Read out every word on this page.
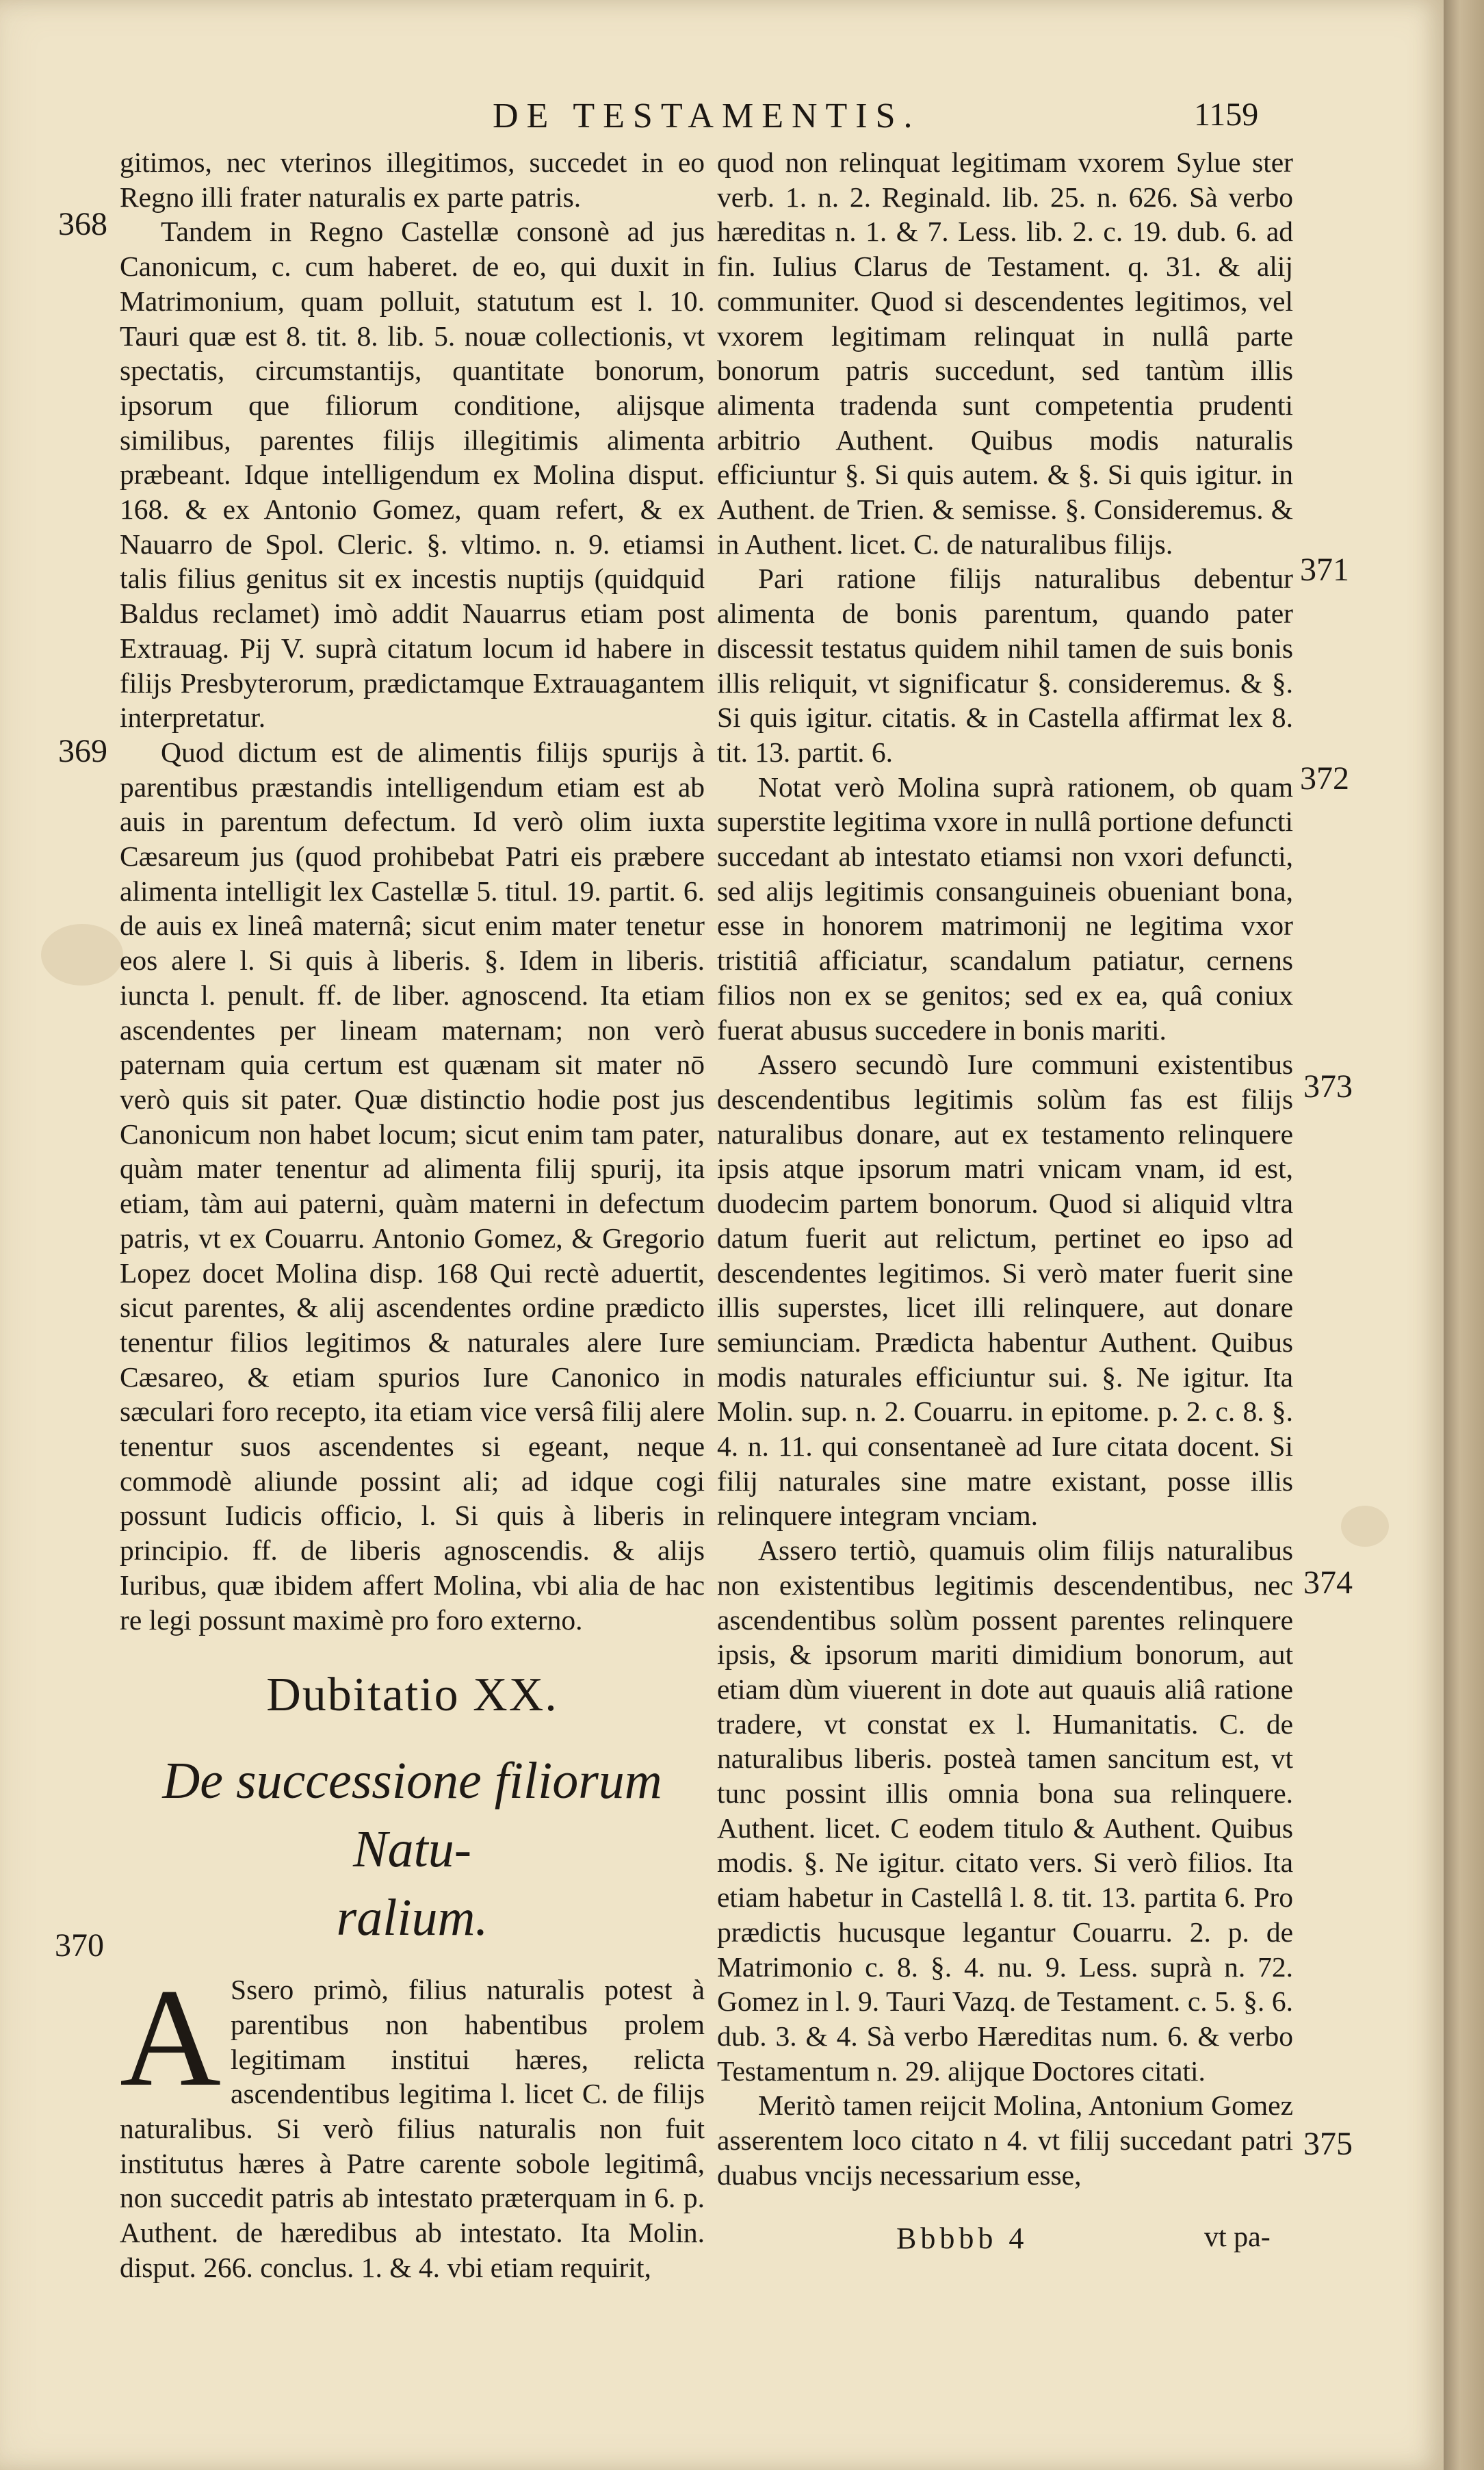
DE TESTAMENTIS.	1159

gitimos, nec vterinos illegitimos, succedet in eo Regno illi frater naturalis ex parte patris.

Tandem in Regno Castellæ consonè ad jus Canonicum, c. cum haberet. de eo, qui duxit in Matrimonium, quam polluit, statutum est l. 10. Tauri quæ est 8. tit. 8. lib. 5. nouæ collectionis, vt spectatis, circumstantijs, quantitate bonorum, ipsorum que filiorum conditione, alijsque similibus, parentes filijs illegitimis alimenta præbeant. Idque intelligendum ex Molina disput. 168. & ex Antonio Gomez, quam refert, & ex Nauarro de Spol. Cleric. §. vltimo. n. 9. etiamsi talis filius genitus sit ex incestis nuptijs (quidquid Baldus reclamet) imò addit Nauarrus etiam post Extrauag. Pij V. suprà citatum locum id habere in filijs Presbyterorum, prædictamque Extrauagantem interpretatur.

Quod dictum est de alimentis filijs spurijs à parentibus præstandis intelligendum etiam est ab auis in parentum defectum. Id verò olim iuxta Cæsareum jus (quod prohibebat Patri eis præbere alimenta intelligit lex Castellæ 5. titul. 19. partit. 6. de auis ex lineâ maternâ; sicut enim mater tenetur eos alere l. Si quis à liberis. §. Idem in liberis. iuncta l. penult. ff. de liber. agnoscend. Ita etiam ascendentes per lineam maternam; non verò paternam quia certum est quænam sit mater nō verò quis sit pater. Quæ distinctio hodie post jus Canonicum non habet locum; sicut enim tam pater, quàm mater tenentur ad alimenta filij spurij, ita etiam, tàm aui paterni, quàm materni in defectum patris, vt ex Couarru. Antonio Gomez, & Gregorio Lopez docet Molina disp. 168 Qui rectè aduertit, sicut parentes, & alij ascendentes ordine prædicto tenentur filios legitimos & naturales alere Iure Cæsareo, & etiam spurios Iure Canonico in sæculari foro recepto, ita etiam vice versâ filij alere tenentur suos ascendentes si egeant, neque commodè aliunde possint ali; ad idque cogi possunt Iudicis officio, l. Si quis à liberis in principio. ff. de liberis agnoscendis. & alijs Iuribus, quæ ibidem affert Molina, vbi alia de hac re legi possunt maximè pro foro externo.

Dubitatio XX.
De successione filiorum Natu-
ralium.

A Ssero primò, filius naturalis potest à parentibus non habentibus prolem legitimam institui hæres, relicta ascendentibus legitima l. licet C. de filijs naturalibus. Si verò filius naturalis non fuit institutus hæres à Patre carente sobole legitimâ, non succedit patris ab intestato præterquam in 6. p. Authent. de hæredibus ab intestato. Ita Molin. disput. 266. conclus. 1. & 4. vbi etiam requirit,

quod non relinquat legitimam vxorem Sylue ster verb. 1. n. 2. Reginald. lib. 25. n. 626. Sà verbo hæreditas n. 1. & 7. Less. lib. 2. c. 19. dub. 6. ad fin. Iulius Clarus de Testament. q. 31. & alij communiter. Quod si descendentes legitimos, vel vxorem legitimam relinquat in nullâ parte bonorum patris succedunt, sed tantùm illis alimenta tradenda sunt competentia prudenti arbitrio Authent. Quibus modis naturalis efficiuntur §. Si quis autem. & §. Si quis igitur. in Authent. de Trien. & semisse. §. Consideremus. & in Authent. licet. C. de naturalibus filijs.

Pari ratione filijs naturalibus debentur alimenta de bonis parentum, quando pater discessit testatus quidem nihil tamen de suis bonis illis reliquit, vt significatur §. consideremus. & §. Si quis igitur. citatis. & in Castella affirmat lex 8. tit. 13. partit. 6.

Notat verò Molina suprà rationem, ob quam superstite legitima vxore in nullâ portione defuncti succedant ab intestato etiamsi non vxori defuncti, sed alijs legitimis consanguineis obueniant bona, esse in honorem matrimonij ne legitima vxor tristitiâ afficiatur, scandalum patiatur, cernens filios non ex se genitos; sed ex ea, quâ coniux fuerat abusus succedere in bonis mariti.

Assero secundò Iure communi existentibus descendentibus legitimis solùm fas est filijs naturalibus donare, aut ex testamento relinquere ipsis atque ipsorum matri vnicam vnam, id est, duodecim partem bonorum. Quod si aliquid vltra datum fuerit aut relictum, pertinet eo ipso ad descendentes legitimos. Si verò mater fuerit sine illis superstes, licet illi relinquere, aut donare semiunciam. Prædicta habentur Authent. Quibus modis naturales efficiuntur sui. §. Ne igitur. Ita Molin. sup. n. 2. Couarru. in epitome. p. 2. c. 8. §. 4. n. 11. qui consentaneè ad Iure citata docent. Si filij naturales sine matre existant, posse illis relinquere integram vnciam.

Assero tertiò, quamuis olim filijs naturalibus non existentibus legitimis descendentibus, nec ascendentibus solùm possent parentes relinquere ipsis, & ipsorum mariti dimidium bonorum, aut etiam dùm viuerent in dote aut quauis aliâ ratione tradere, vt constat ex l. Humanitatis. C. de naturalibus liberis. posteà tamen sancitum est, vt tunc possint illis omnia bona sua relinquere. Authent. licet. C eodem titulo & Authent. Quibus modis. §. Ne igitur. citato vers. Si verò filios. Ita etiam habetur in Castellâ l. 8. tit. 13. partita 6. Pro prædictis hucusque legantur Couarru. 2. p. de Matrimonio c. 8. §. 4. nu. 9. Less. suprà n. 72. Gomez in l. 9. Tauri Vazq. de Testament. c. 5. §. 6. dub. 3. & 4. Sà verbo Hæreditas num. 6. & verbo Testamentum n. 29. alijque Doctores citati.

Meritò tamen reijcit Molina, Antonium Gomez asserentem loco citato n 4. vt filij succedant patri duabus vncijs necessarium esse,

368
369
370
371
372
373
374
375
Bbbbb 4	vt pa-
